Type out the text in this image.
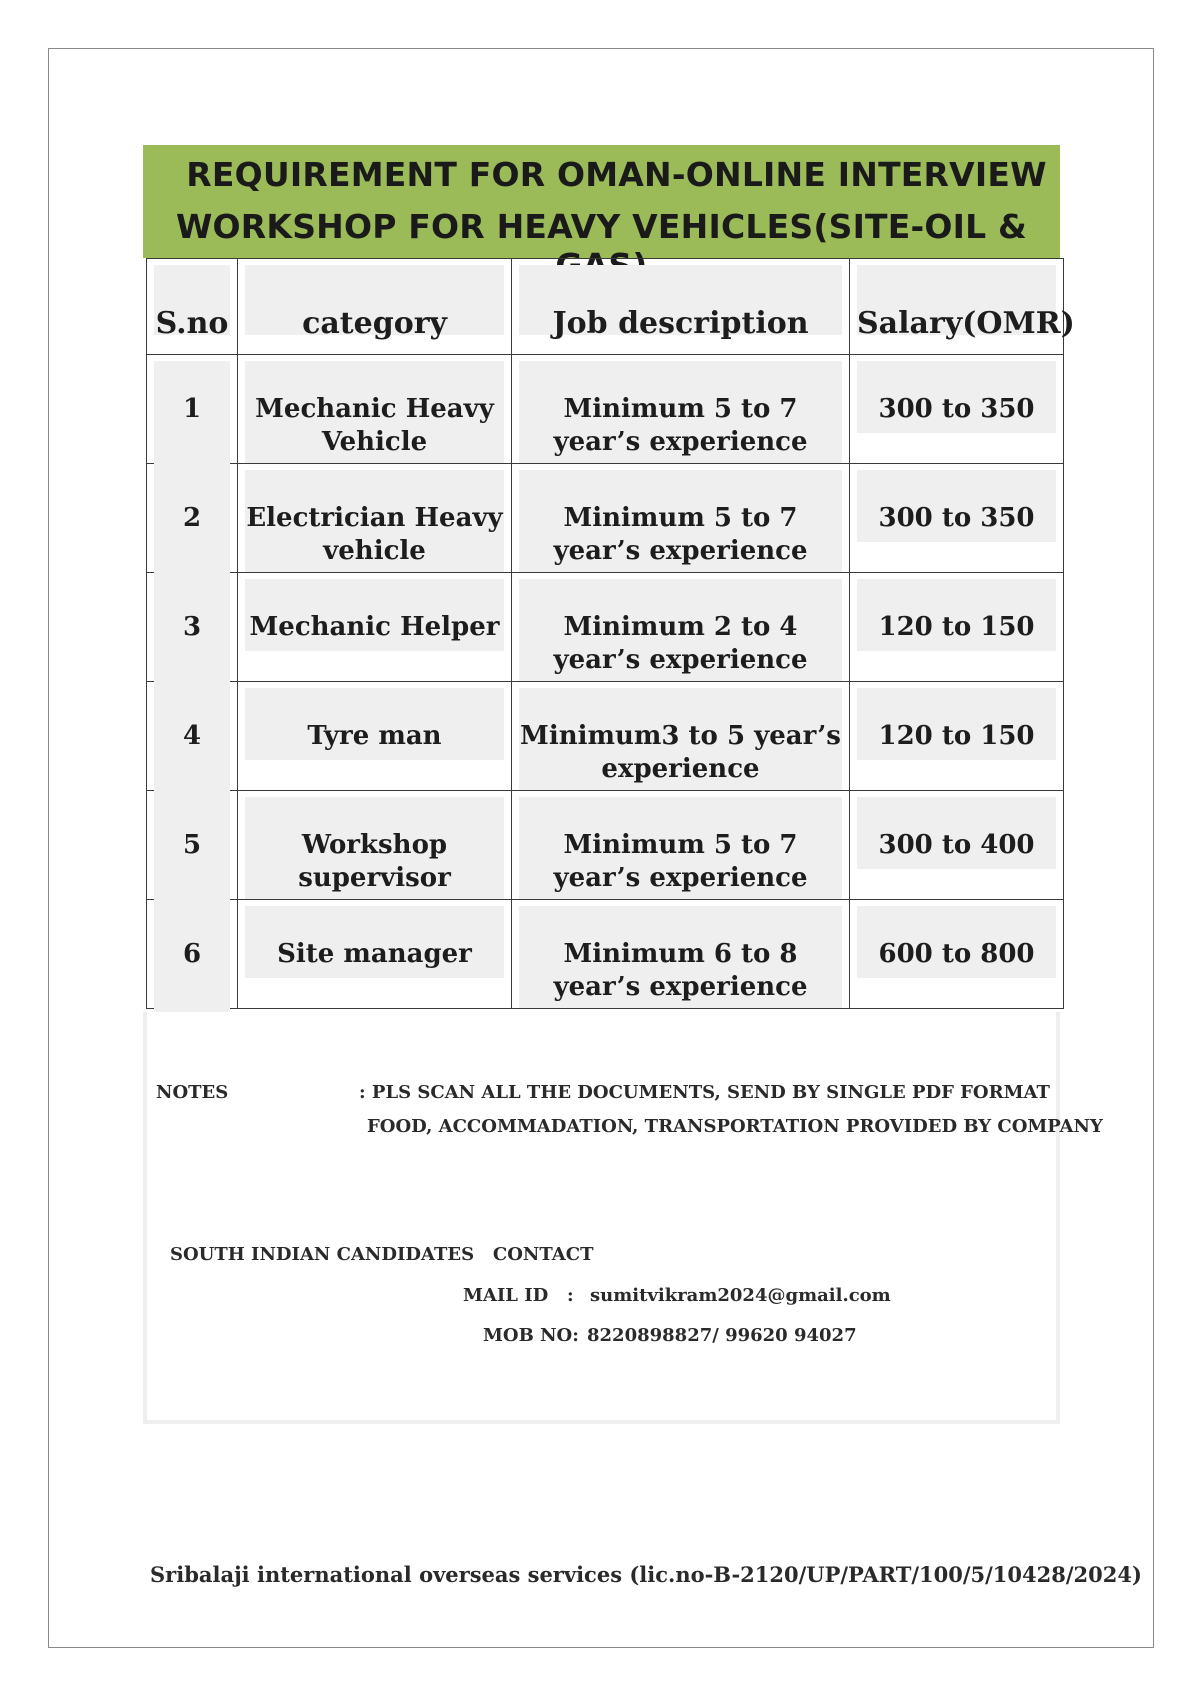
REQUIREMENT FOR OMAN-ONLINE INTERVIEW
WORKSHOP FOR HEAVY VEHICLES(SITE-OIL &
S.no	category	Job description	Salary(OMR)

1	Mechanic Heavy Vehicle	Minimum 5 to 7 year’s experience	300 to 350

2	Electrician Heavy vehicle	Minimum 5 to 7 year’s experience	300 to 350

3	Mechanic Helper	Minimum 2 to 4 year’s experience	120 to 150

4	Tyre man	Minimum3 to 5 year’s experience	120 to 150

5	Workshop supervisor	Minimum 5 to 7 year’s experience	300 to 400

6	Site manager	Minimum 6 to 8 year’s experience	600 to 800
NOTES	: PLS SCAN ALL THE DOCUMENTS, SEND BY SINGLE PDF FORMAT
FOOD, ACCOMMADATION, TRANSPORTATION PROVIDED BY COMPANY
SOUTH INDIAN CANDIDATES   CONTACT
MAIL ID : sumitvikram2024@gmail.com
MOB NO: 8220898827/ 99620 94027
Sribalaji international overseas services (lic.no-B-2120/UP/PART/100/5/10428/2024)
